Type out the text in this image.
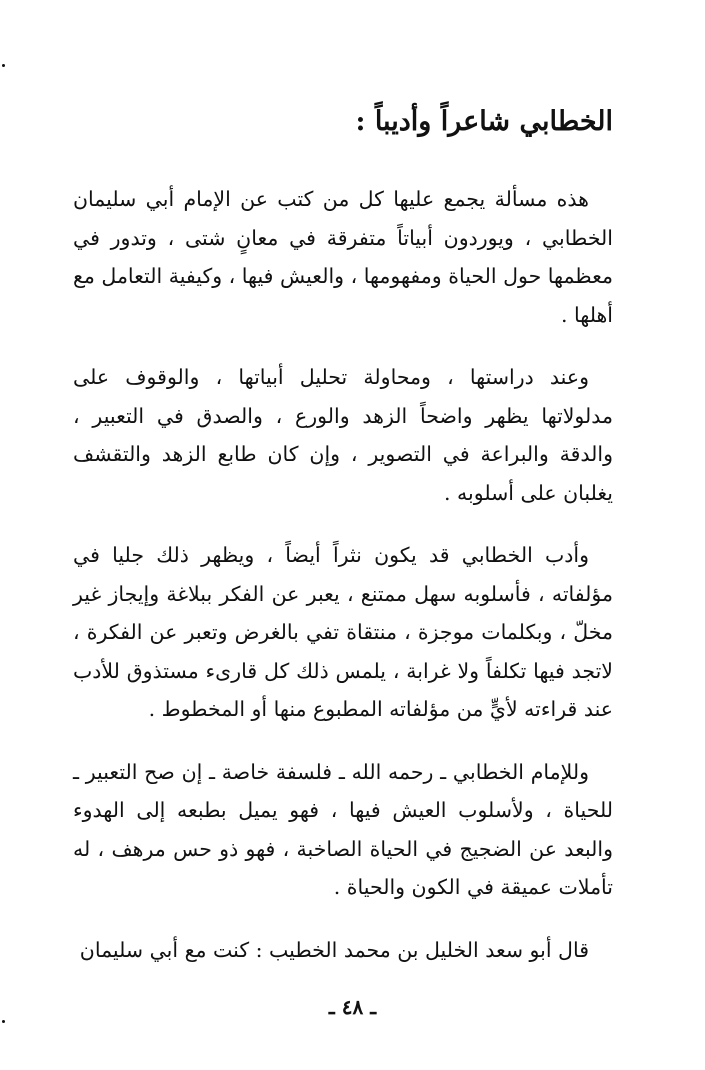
الخطابي شاعراً وأديباً :

هذه مسألة يجمع عليها كل من كتب عن الإمام أبي سليمان الخطابي ، ويوردون أبياتاً متفرقة في معانٍ شتى ، وتدور في معظمها حول الحياة ومفهومها ، والعيش فيها ، وكيفية التعامل مع أهلها .

وعند دراستها ، ومحاولة تحليل أبياتها ، والوقوف على مدلولاتها يظهر واضحاً الزهد والورع ، والصدق في التعبير ، والدقة والبراعة في التصوير ، وإن كان طابع الزهد والتقشف يغلبان على أسلوبه .

وأدب الخطابي قد يكون نثراً أيضاً ، ويظهر ذلك جليا في مؤلفاته ، فأسلوبه سهل ممتنع ، يعبر عن الفكر ببلاغة وإيجاز غير مخلّ ، وبكلمات موجزة ، منتقاة تفي بالغرض وتعبر عن الفكرة ، لاتجد فيها تكلفاً ولا غرابة ، يلمس ذلك كل قارىء مستذوق للأدب عند قراءته لأيٍّ من مؤلفاته المطبوع منها أو المخطوط .

وللإمام الخطابي ـ رحمه الله ـ فلسفة خاصة ـ إن صح التعبير ـ للحياة ، ولأسلوب العيش فيها ، فهو يميل بطبعه إلى الهدوء والبعد عن الضجيج في الحياة الصاخبة ، فهو ذو حس مرهف ، له تأملات عميقة في الكون والحياة .

قال أبو سعد الخليل بن محمد الخطيب : كنت مع أبي سليمان

ـ ٤٨ ـ
